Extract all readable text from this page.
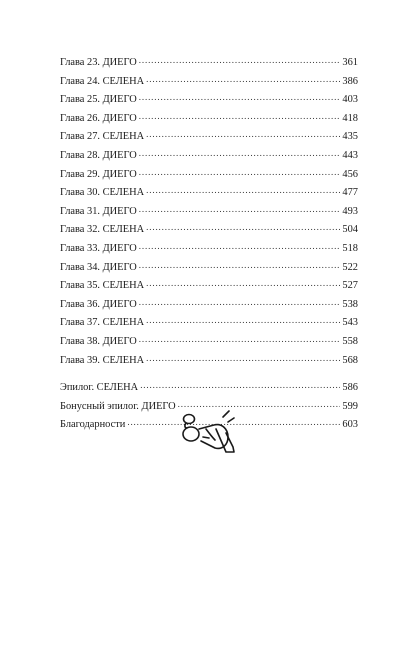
Глава 23. ДИЕГО . . .	361
Глава 24. СЕЛЕНА . . .	386
Глава 25. ДИЕГО . . .	403
Глава 26. ДИЕГО . . .	418
Глава 27. СЕЛЕНА . . .	435
Глава 28. ДИЕГО . . .	443
Глава 29. ДИЕГО . . .	456
Глава 30. СЕЛЕНА . . .	477
Глава 31. ДИЕГО . . .	493
Глава 32. СЕЛЕНА . . .	504
Глава 33. ДИЕГО . . .	518
Глава 34. ДИЕГО . . .	522
Глава 35. СЕЛЕНА . . .	527
Глава 36. ДИЕГО . . .	538
Глава 37. СЕЛЕНА . . .	543
Глава 38. ДИЕГО . . .	558
Глава 39. СЕЛЕНА . . .	568
Эпилог. СЕЛЕНА . . .	586
Бонусный эпилог. ДИЕГО . . .	599
Благодарности . . .	603
